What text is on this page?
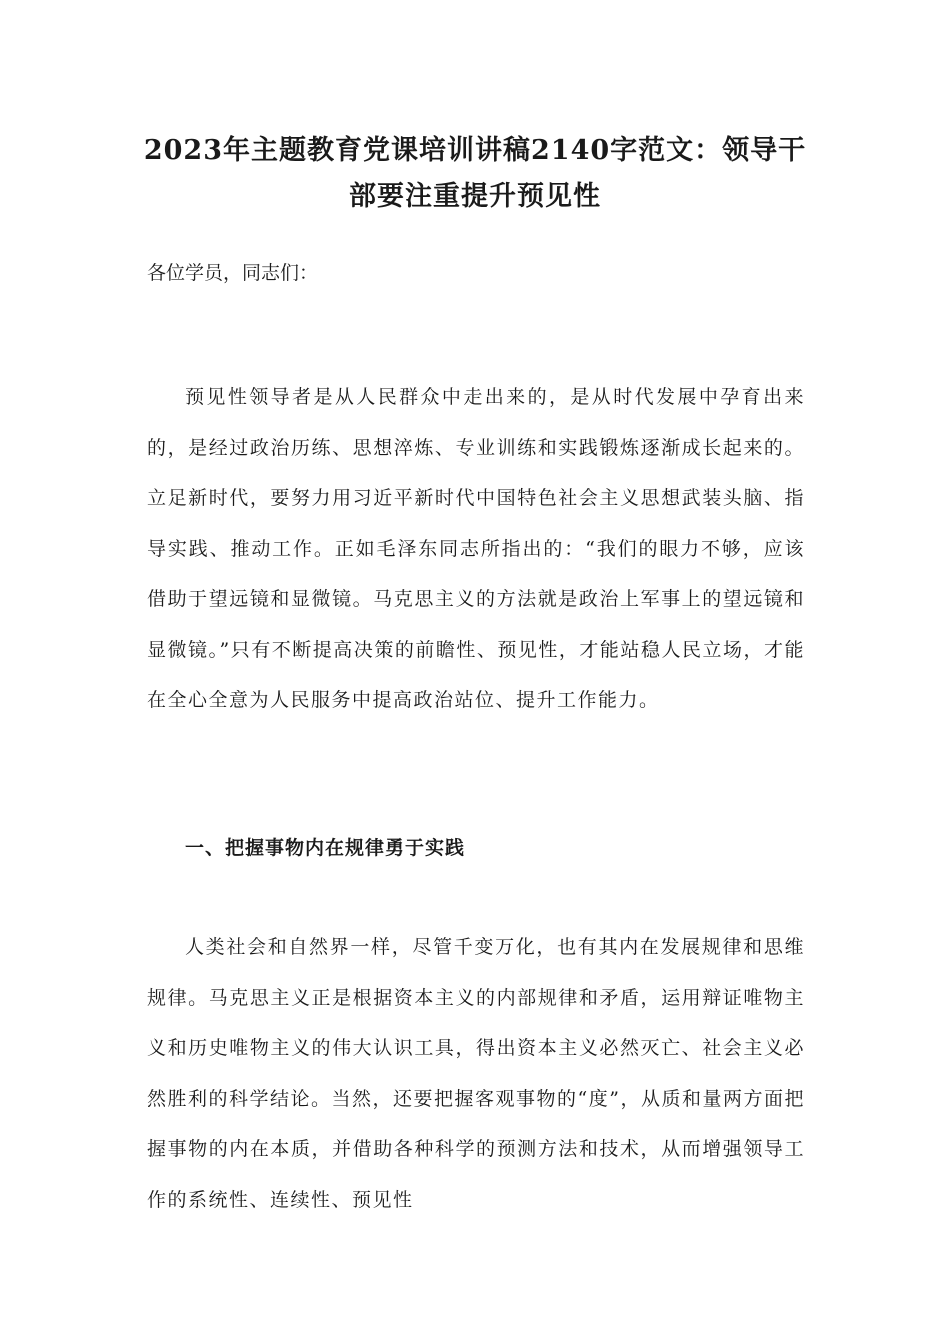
2023年主题教育党课培训讲稿2140字范文：领导干部要注重提升预见性

各位学员，同志们：

预见性领导者是从人民群众中走出来的，是从时代发展中孕育出来的，是经过政治历练、思想淬炼、专业训练和实践锻炼逐渐成长起来的。立足新时代，要努力用习近平新时代中国特色社会主义思想武装头脑、指导实践、推动工作。正如毛泽东同志所指出的：“我们的眼力不够，应该借助于望远镜和显微镜。马克思主义的方法就是政治上军事上的望远镜和显微镜。”只有不断提高决策的前瞻性、预见性，才能站稳人民立场，才能在全心全意为人民服务中提高政治站位、提升工作能力。

一、把握事物内在规律勇于实践

人类社会和自然界一样，尽管千变万化，也有其内在发展规律和思维规律。马克思主义正是根据资本主义的内部规律和矛盾，运用辩证唯物主义和历史唯物主义的伟大认识工具，得出资本主义必然灭亡、社会主义必然胜利的科学结论。当然，还要把握客观事物的“度”，从质和量两方面把握事物的内在本质，并借助各种科学的预测方法和技术，从而增强领导工作的系统性、连续性、预见性
